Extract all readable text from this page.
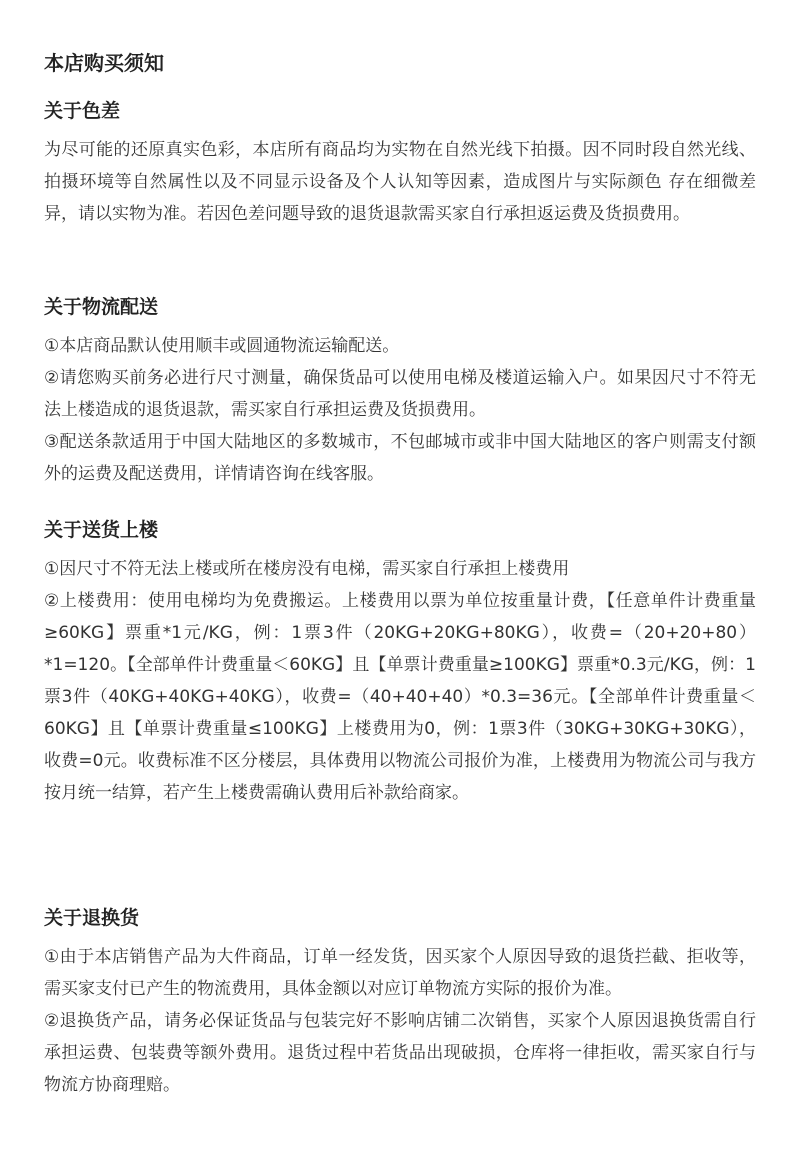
本店购买须知
关于色差

为尽可能的还原真实色彩，本店所有商品均为实物在自然光线下拍摄。因不同时段自然光线、拍摄环境等自然属性以及不同显示设备及个人认知等因素，造成图片与实际颜色 存在细微差异，请以实物为准。若因色差问题导致的退货退款需买家自行承担返运费及货损费用。

关于物流配送

①本店商品默认使用顺丰或圆通物流运输配送。

②请您购买前务必进行尺寸测量，确保货品可以使用电梯及楼道运输入户。如果因尺寸不符无法上楼造成的退货退款，需买家自行承担运费及货损费用。

③配送条款适用于中国大陆地区的多数城市，不包邮城市或非中国大陆地区的客户则需支付额外的运费及配送费用，详情请咨询在线客服。

关于送货上楼

①因尺寸不符无法上楼或所在楼房没有电梯，需买家自行承担上楼费用

②上楼费用：使用电梯均为免费搬运。上楼费用以票为单位按重量计费，【任意单件计费重量≥60KG】票重*1元/KG，例：1票3件（20KG+20KG+80KG），收费=（20+20+80）*1=120。【全部单件计费重量＜60KG】且【单票计费重量≥100KG】票重*0.3元/KG，例：1票3件（40KG+40KG+40KG），收费=（40+40+40）*0.3=36元。【全部单件计费重量＜60KG】且【单票计费重量≤100KG】上楼费用为0，例：1票3件（30KG+30KG+30KG），收费=0元。收费标准不区分楼层，具体费用以物流公司报价为准，上楼费用为物流公司与我方按月统一结算，若产生上楼费需确认费用后补款给商家。

关于退换货

①由于本店销售产品为大件商品，订单一经发货，因买家个人原因导致的退货拦截、拒收等，需买家支付已产生的物流费用，具体金额以对应订单物流方实际的报价为准。

②退换货产品，请务必保证货品与包装完好不影响店铺二次销售，买家个人原因退换货需自行承担运费、包装费等额外费用。退货过程中若货品出现破损，仓库将一律拒收，需买家自行与物流方协商理赔。
